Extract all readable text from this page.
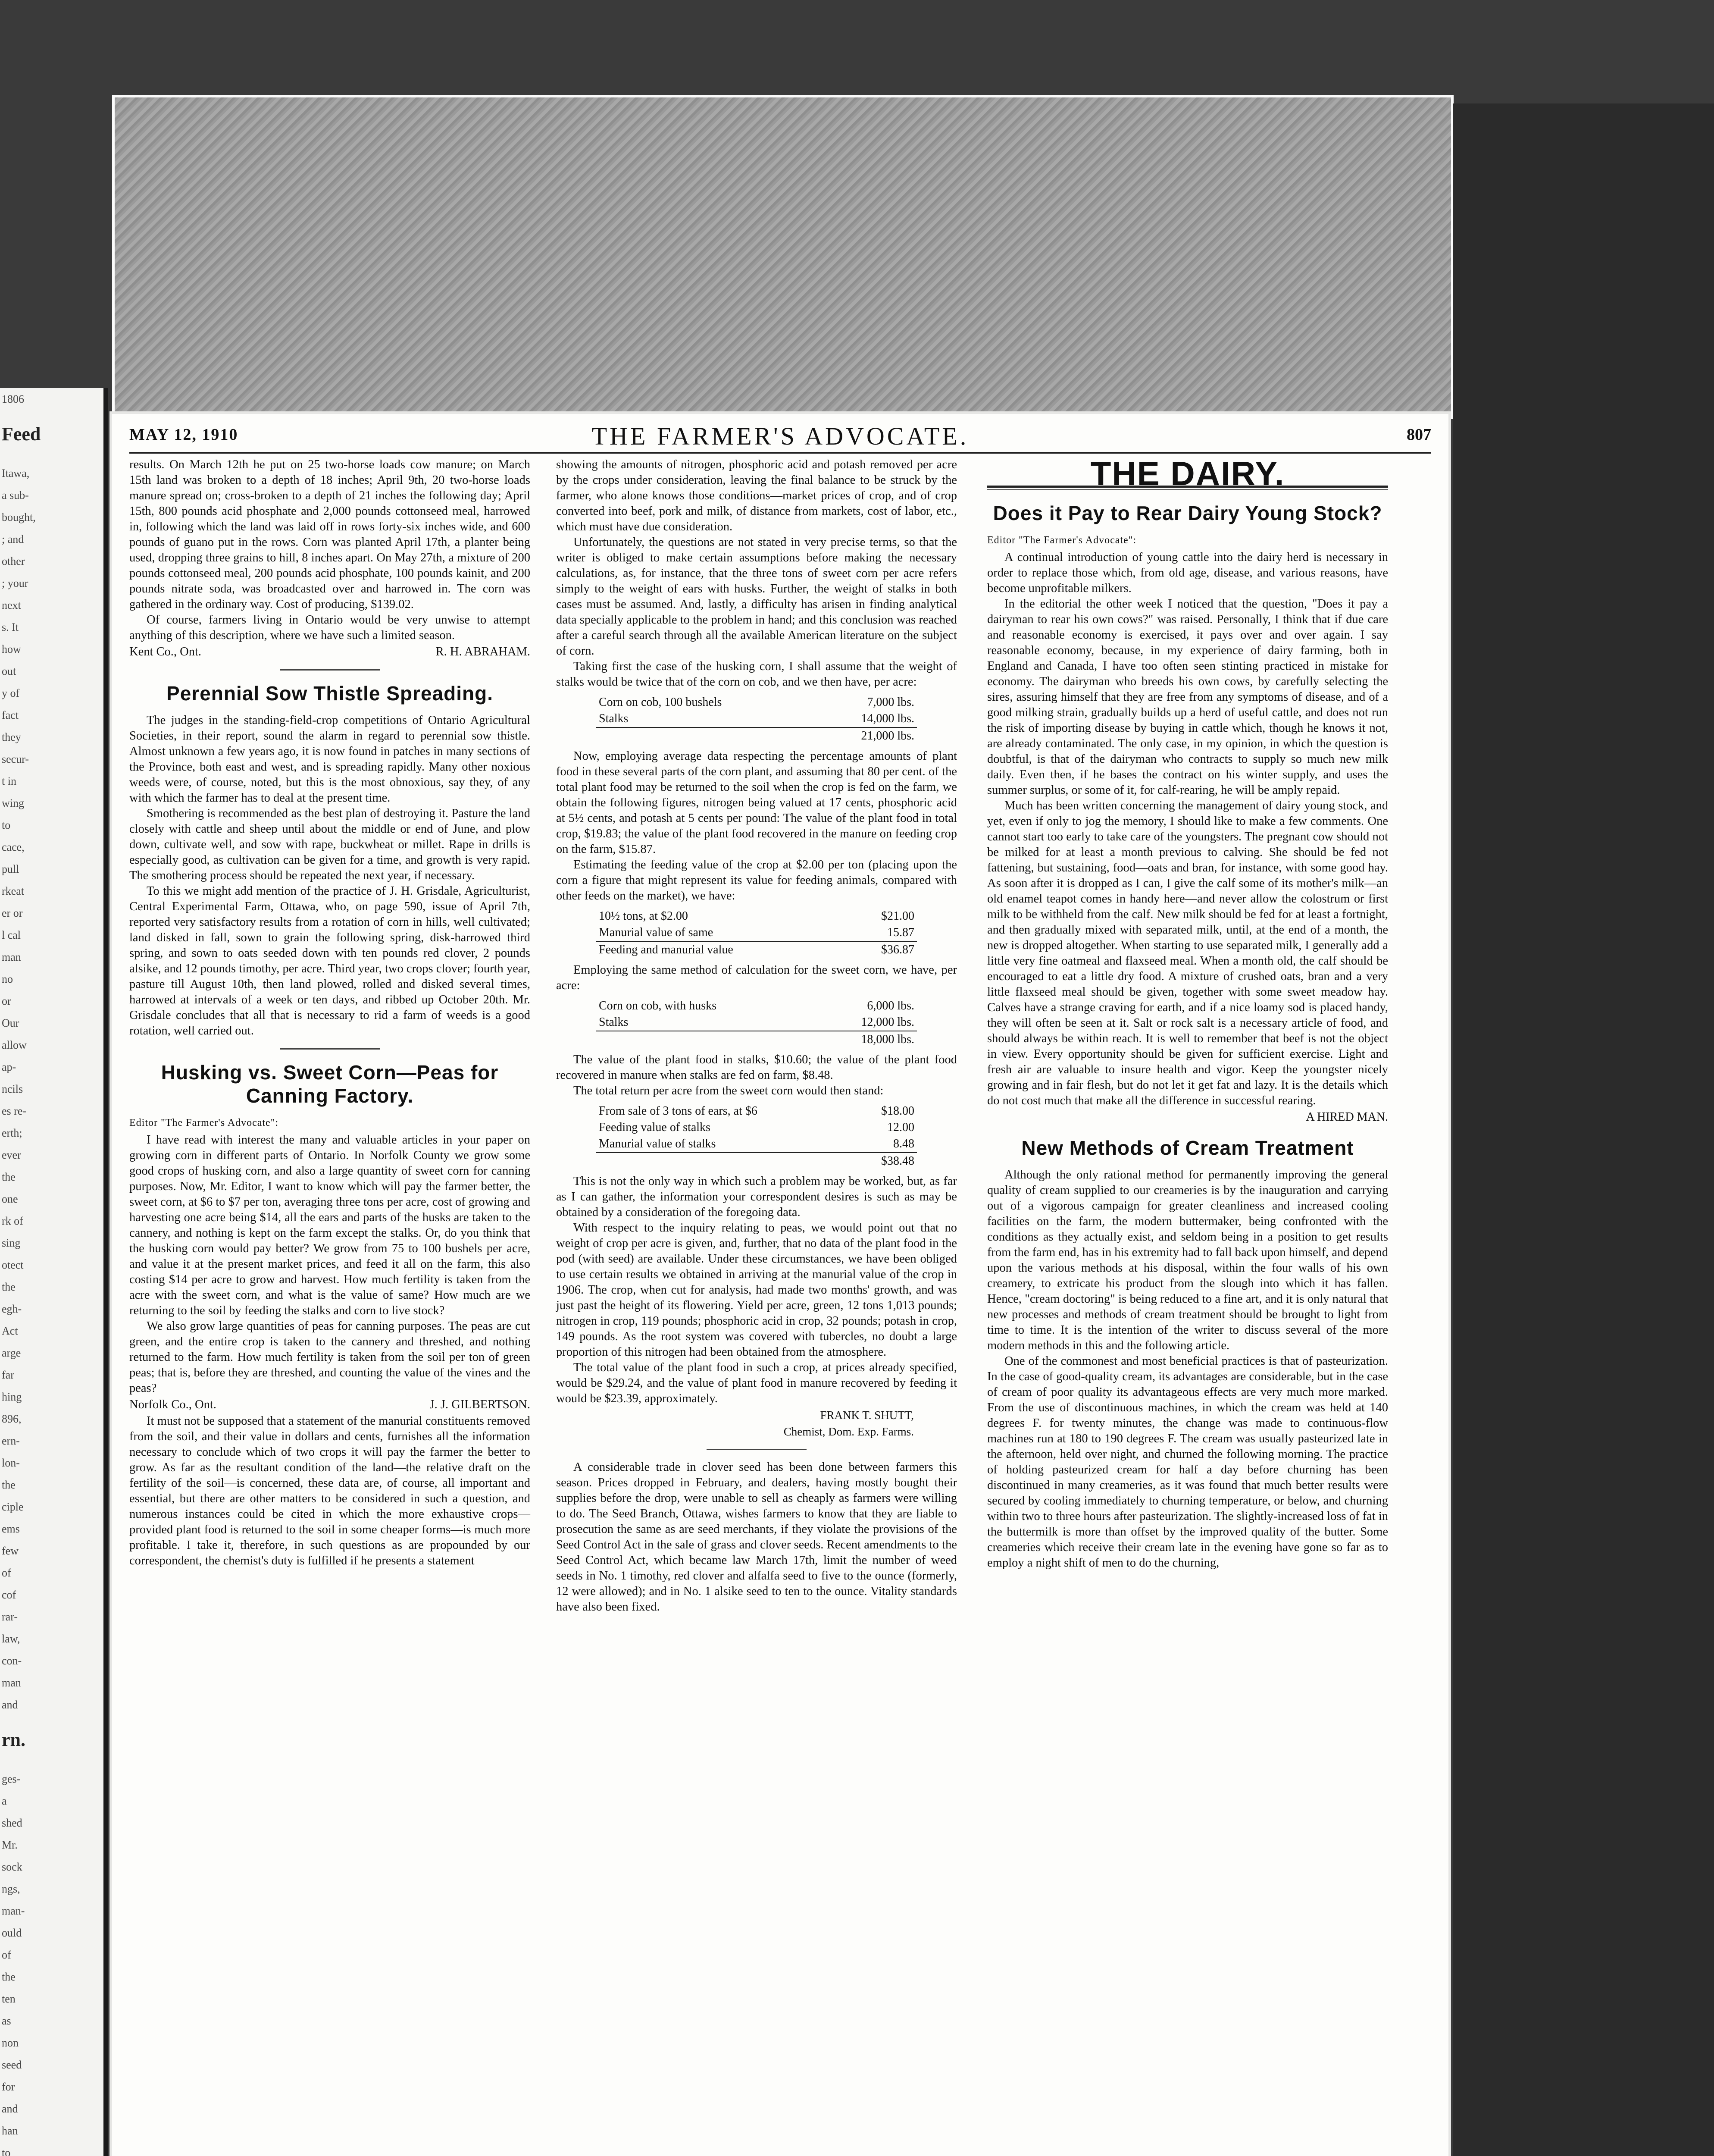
1806
Feed
Itawa,
a sub-
bought,
; and
other
; your
next
s. It
how
out
y of
fact
they
secur-
t in
wing
to
cace,
pull
rkeat
er or
l cal
man
no
or
Our
allow
ap-
ncils
es re-
erth;
ever
the
one
rk of
sing
otect
the
egh-
Act
arge
far
hing
896,
ern-
lon-
the
ciple
ems
few
of
cof
rar-
law,
con-
man
and
rn.
ges-
a
shed
Mr.
sock
ngs,
man-
ould
of
the
ten
as
non
seed
for
and
han
to
MAY 12, 1910	THE FARMER'S ADVOCATE.	807

results. On March 12th he put on 25 two-horse loads cow manure; on March 15th land was broken to a depth of 18 inches; April 9th, 20 two-horse loads manure spread on; cross-broken to a depth of 21 inches the following day; April 15th, 800 pounds acid phosphate and 2,000 pounds cottonseed meal, harrowed in, following which the land was laid off in rows forty-six inches wide, and 600 pounds of guano put in the rows. Corn was planted April 17th, a planter being used, dropping three grains to hill, 8 inches apart. On May 27th, a mixture of 200 pounds cottonseed meal, 200 pounds acid phosphate, 100 pounds kainit, and 200 pounds nitrate soda, was broadcasted over and harrowed in. The corn was gathered in the ordinary way. Cost of producing, $139.02.

Of course, farmers living in Ontario would be very unwise to attempt anything of this description, where we have such a limited season.

Kent Co., Ont.	R. H. ABRAHAM.
Perennial Sow Thistle Spreading.

The judges in the standing-field-crop competitions of Ontario Agricultural Societies, in their report, sound the alarm in regard to perennial sow thistle. Almost unknown a few years ago, it is now found in patches in many sections of the Province, both east and west, and is spreading rapidly. Many other noxious weeds were, of course, noted, but this is the most obnoxious, say they, of any with which the farmer has to deal at the present time.

Smothering is recommended as the best plan of destroying it. Pasture the land closely with cattle and sheep until about the middle or end of June, and plow down, cultivate well, and sow with rape, buckwheat or millet. Rape in drills is especially good, as cultivation can be given for a time, and growth is very rapid. The smothering process should be repeated the next year, if necessary.

To this we might add mention of the practice of J. H. Grisdale, Agriculturist, Central Experimental Farm, Ottawa, who, on page 590, issue of April 7th, reported very satisfactory results from a rotation of corn in hills, well cultivated; land disked in fall, sown to grain the following spring, disk-harrowed third spring, and sown to oats seeded down with ten pounds red clover, 2 pounds alsike, and 12 pounds timothy, per acre. Third year, two crops clover; fourth year, pasture till August 10th, then land plowed, rolled and disked several times, harrowed at intervals of a week or ten days, and ribbed up October 20th. Mr. Grisdale concludes that all that is necessary to rid a farm of weeds is a good rotation, well carried out.

Husking vs. Sweet Corn—Peas for Canning Factory.

Editor "The Farmer's Advocate":

I have read with interest the many and valuable articles in your paper on growing corn in different parts of Ontario. In Norfolk County we grow some good crops of husking corn, and also a large quantity of sweet corn for canning purposes. Now, Mr. Editor, I want to know which will pay the farmer better, the sweet corn, at $6 to $7 per ton, averaging three tons per acre, cost of growing and harvesting one acre being $14, all the ears and parts of the husks are taken to the cannery, and nothing is kept on the farm except the stalks. Or, do you think that the husking corn would pay better? We grow from 75 to 100 bushels per acre, and value it at the present market prices, and feed it all on the farm, this also costing $14 per acre to grow and harvest. How much fertility is taken from the acre with the sweet corn, and what is the value of same? How much are we returning to the soil by feeding the stalks and corn to live stock?

We also grow large quantities of peas for canning purposes. The peas are cut green, and the entire crop is taken to the cannery and threshed, and nothing returned to the farm. How much fertility is taken from the soil per ton of green peas; that is, before they are threshed, and counting the value of the vines and the peas?

Norfolk Co., Ont.	J. J. GILBERTSON.

It must not be supposed that a statement of the manurial constituents removed from the soil, and their value in dollars and cents, furnishes all the information necessary to conclude which of two crops it will pay the farmer the better to grow. As far as the resultant condition of the land—the relative draft on the fertility of the soil—is concerned, these data are, of course, all important and essential, but there are other matters to be considered in such a question, and numerous instances could be cited in which the more exhaustive crops—provided plant food is returned to the soil in some cheaper forms—is much more profitable. I take it, therefore, in such questions as are propounded by our correspondent, the chemist's duty is fulfilled if he presents a statement

showing the amounts of nitrogen, phosphoric acid and potash removed per acre by the crops under consideration, leaving the final balance to be struck by the farmer, who alone knows those conditions—market prices of crop, and of crop converted into beef, pork and milk, of distance from markets, cost of labor, etc., which must have due consideration.

Unfortunately, the questions are not stated in very precise terms, so that the writer is obliged to make certain assumptions before making the necessary calculations, as, for instance, that the three tons of sweet corn per acre refers simply to the weight of ears with husks. Further, the weight of stalks in both cases must be assumed. And, lastly, a difficulty has arisen in finding analytical data specially applicable to the problem in hand; and this conclusion was reached after a careful search through all the available American literature on the subject of corn.

Taking first the case of the husking corn, I shall assume that the weight of stalks would be twice that of the corn on cob, and we then have, per acre:

Corn on cob, 100 bushels	7,000 lbs.
Stalks	14,000 lbs.
	21,000 lbs.

Now, employing average data respecting the percentage amounts of plant food in these several parts of the corn plant, and assuming that 80 per cent. of the total plant food may be returned to the soil when the crop is fed on the farm, we obtain the following figures, nitrogen being valued at 17 cents, phosphoric acid at 5½ cents, and potash at 5 cents per pound: The value of the plant food in total crop, $19.83; the value of the plant food recovered in the manure on feeding crop on the farm, $15.87.

Estimating the feeding value of the crop at $2.00 per ton (placing upon the corn a figure that might represent its value for feeding animals, compared with other feeds on the market), we have:

10½ tons, at $2.00	$21.00
Manurial value of same	15.87
Feeding and manurial value	$36.87

Employing the same method of calculation for the sweet corn, we have, per acre:

Corn on cob, with husks	6,000 lbs.
Stalks	12,000 lbs.
	18,000 lbs.

The value of the plant food in stalks, $10.60; the value of the plant food recovered in manure when stalks are fed on farm, $8.48.

The total return per acre from the sweet corn would then stand:

From sale of 3 tons of ears, at $6	$18.00
Feeding value of stalks	12.00
Manurial value of stalks	8.48
	$38.48

This is not the only way in which such a problem may be worked, but, as far as I can gather, the information your correspondent desires is such as may be obtained by a consideration of the foregoing data.

With respect to the inquiry relating to peas, we would point out that no weight of crop per acre is given, and, further, that no data of the plant food in the pod (with seed) are available. Under these circumstances, we have been obliged to use certain results we obtained in arriving at the manurial value of the crop in 1906. The crop, when cut for analysis, had made two months' growth, and was just past the height of its flowering. Yield per acre, green, 12 tons 1,013 pounds; nitrogen in crop, 119 pounds; phosphoric acid in crop, 32 pounds; potash in crop, 149 pounds. As the root system was covered with tubercles, no doubt a large proportion of this nitrogen had been obtained from the atmosphere.

The total value of the plant food in such a crop, at prices already specified, would be $29.24, and the value of plant food in manure recovered by feeding it would be $23.39, approximately.

FRANK T. SHUTT,
Chemist, Dom. Exp. Farms.

A considerable trade in clover seed has been done between farmers this season. Prices dropped in February, and dealers, having mostly bought their supplies before the drop, were unable to sell as cheaply as farmers were willing to do. The Seed Branch, Ottawa, wishes farmers to know that they are liable to prosecution the same as are seed merchants, if they violate the provisions of the Seed Control Act in the sale of grass and clover seeds. Recent amendments to the Seed Control Act, which became law March 17th, limit the number of weed seeds in No. 1 timothy, red clover and alfalfa seed to five to the ounce (formerly, 12 were allowed); and in No. 1 alsike seed to ten to the ounce. Vitality standards have also been fixed.

THE DAIRY.
Does it Pay to Rear Dairy Young Stock?

Editor "The Farmer's Advocate":

A continual introduction of young cattle into the dairy herd is necessary in order to replace those which, from old age, disease, and various reasons, have become unprofitable milkers.

In the editorial the other week I noticed that the question, "Does it pay a dairyman to rear his own cows?" was raised. Personally, I think that if due care and reasonable economy is exercised, it pays over and over again. I say reasonable economy, because, in my experience of dairy farming, both in England and Canada, I have too often seen stinting practiced in mistake for economy. The dairyman who breeds his own cows, by carefully selecting the sires, assuring himself that they are free from any symptoms of disease, and of a good milking strain, gradually builds up a herd of useful cattle, and does not run the risk of importing disease by buying in cattle which, though he knows it not, are already contaminated. The only case, in my opinion, in which the question is doubtful, is that of the dairyman who contracts to supply so much new milk daily. Even then, if he bases the contract on his winter supply, and uses the summer surplus, or some of it, for calf-rearing, he will be amply repaid.

Much has been written concerning the management of dairy young stock, and yet, even if only to jog the memory, I should like to make a few comments. One cannot start too early to take care of the youngsters. The pregnant cow should not be milked for at least a month previous to calving. She should be fed not fattening, but sustaining, food—oats and bran, for instance, with some good hay. As soon after it is dropped as I can, I give the calf some of its mother's milk—an old enamel teapot comes in handy here—and never allow the colostrum or first milk to be withheld from the calf. New milk should be fed for at least a fortnight, and then gradually mixed with separated milk, until, at the end of a month, the new is dropped altogether. When starting to use separated milk, I generally add a little very fine oatmeal and flaxseed meal. When a month old, the calf should be encouraged to eat a little dry food. A mixture of crushed oats, bran and a very little flaxseed meal should be given, together with some sweet meadow hay. Calves have a strange craving for earth, and if a nice loamy sod is placed handy, they will often be seen at it. Salt or rock salt is a necessary article of food, and should always be within reach. It is well to remember that beef is not the object in view. Every opportunity should be given for sufficient exercise. Light and fresh air are valuable to insure health and vigor. Keep the youngster nicely growing and in fair flesh, but do not let it get fat and lazy. It is the details which do not cost much that make all the difference in successful rearing.

A HIRED MAN.
New Methods of Cream Treatment

Although the only rational method for permanently improving the general quality of cream supplied to our creameries is by the inauguration and carrying out of a vigorous campaign for greater cleanliness and increased cooling facilities on the farm, the modern buttermaker, being confronted with the conditions as they actually exist, and seldom being in a position to get results from the farm end, has in his extremity had to fall back upon himself, and depend upon the various methods at his disposal, within the four walls of his own creamery, to extricate his product from the slough into which it has fallen. Hence, "cream doctoring" is being reduced to a fine art, and it is only natural that new processes and methods of cream treatment should be brought to light from time to time. It is the intention of the writer to discuss several of the more modern methods in this and the following article.

One of the commonest and most beneficial practices is that of pasteurization. In the case of good-quality cream, its advantages are considerable, but in the case of cream of poor quality its advantageous effects are very much more marked. From the use of discontinuous machines, in which the cream was held at 140 degrees F. for twenty minutes, the change was made to continuous-flow machines run at 180 to 190 degrees F. The cream was usually pasteurized late in the afternoon, held over night, and churned the following morning. The practice of holding pasteurized cream for half a day before churning has been discontinued in many creameries, as it was found that much better results were secured by cooling immediately to churning temperature, or below, and churning within two to three hours after pasteurization. The slightly-increased loss of fat in the buttermilk is more than offset by the improved quality of the butter. Some creameries which receive their cream late in the evening have gone so far as to employ a night shift of men to do the churning,
